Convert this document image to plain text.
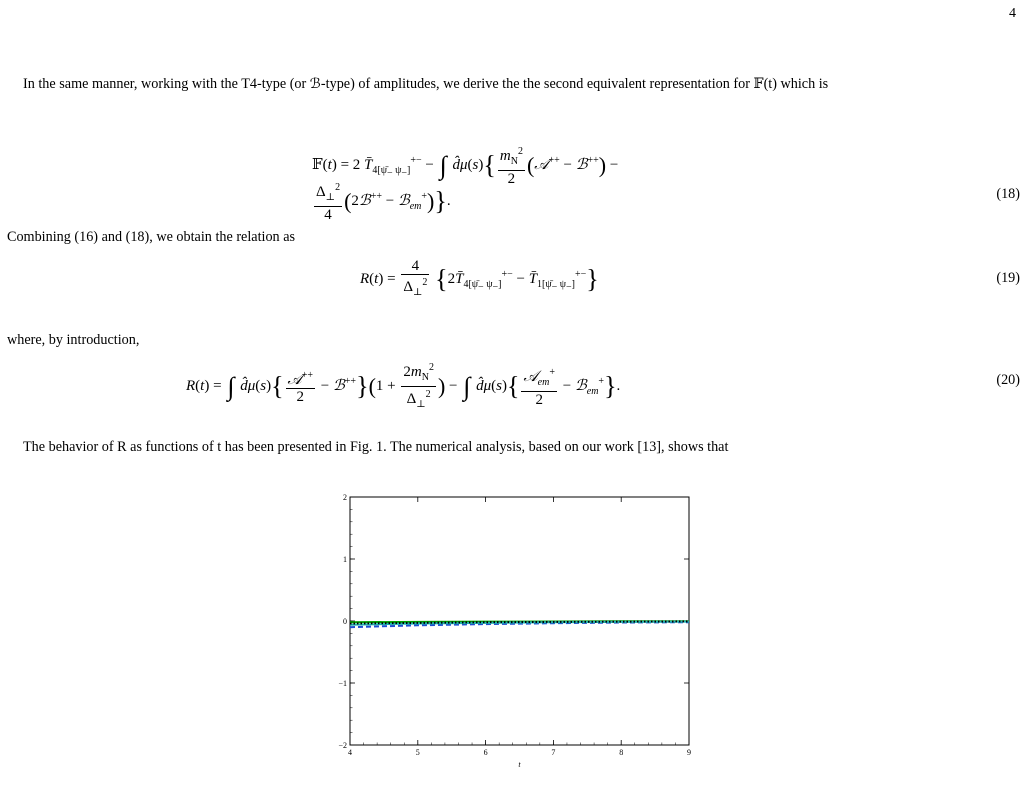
4
In the same manner, working with the T4-type (or ℬ-type) of amplitudes, we derive the the second equivalent representation for 𝔽(t) which is
𝔽(t) = 2 $T̄_{4[\psī_- \psi_-]}^{+-}$ − ∫ d̂μ(s){ $\frac{m_N^2}{2}$ (𝒜++ − ℬ++) −
$\frac{\Delta_\perp^2}{4}$ (2ℬ++ − ℬ$_{em}$+)}.	(18)
Combining (16) and (18), we obtain the relation as
$R(t) = \frac{4}{\Delta_\perp^2}$ {$2T̄_{4[\psī_- \psi_-]}^{+-}$ − $T̄_{1[\psī_- \psi_-]}^{+-}$}	(19)
where, by introduction,
R(t) = ∫ d̂μ(s){ $\frac{𝒜^{++}}{2}$ − ℬ++}(1 + $\frac{2m_N^2}{\Delta_\perp^2}$ ) − ∫ d̂μ(s){ $\frac{𝒜_{em}^+}{2}$ − ℬ$_{em}$+}.	(20)
The behavior of R as functions of t has been presented in Fig. 1. The numerical analysis, based on our work [13], shows that
4	5	6	7	8	9
−2
−1
0
1
2
t
